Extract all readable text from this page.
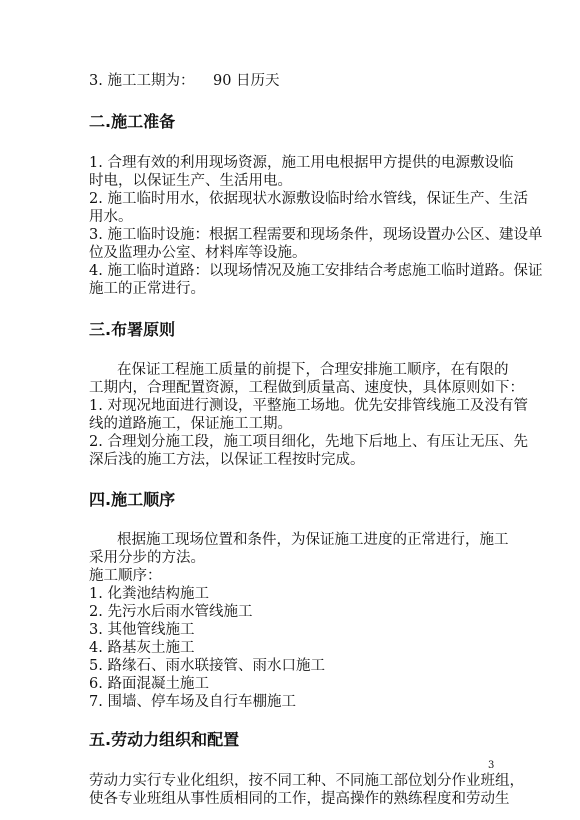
3. 施工工期为： 90 日历天
二.施工准备
1. 合理有效的利用现场资源，施工用电根据甲方提供的电源敷设临
时电，以保证生产、生活用电。
2. 施工临时用水，依据现状水源敷设临时给水管线，保证生产、生活
用水。
3. 施工临时设施：根据工程需要和现场条件，现场设置办公区、建设单
位及监理办公室、材料库等设施。
4. 施工临时道路：以现场情况及施工安排结合考虑施工临时道路。保证
施工的正常进行。
三.布署原则
在保证工程施工质量的前提下，合理安排施工顺序，在有限的
工期内，合理配置资源，工程做到质量高、速度快，具体原则如下：
1. 对现况地面进行测设，平整施工场地。优先安排管线施工及没有管
线的道路施工，保证施工工期。
2. 合理划分施工段，施工项目细化，先地下后地上、有压让无压、先
深后浅的施工方法，以保证工程按时完成。
四.施工顺序
根据施工现场位置和条件，为保证施工进度的正常进行，施工
采用分步的方法。
施工顺序：
1. 化粪池结构施工
2. 先污水后雨水管线施工
3. 其他管线施工
4. 路基灰土施工
5. 路缘石、雨水联接管、雨水口施工
6. 路面混凝土施工
7. 围墙、停车场及自行车棚施工
五.劳动力组织和配置
劳动力实行专业化组织，按不同工种、不同施工部位划分作业班组，
使各专业班组从事性质相同的工作，提高操作的熟练程度和劳动生
3
